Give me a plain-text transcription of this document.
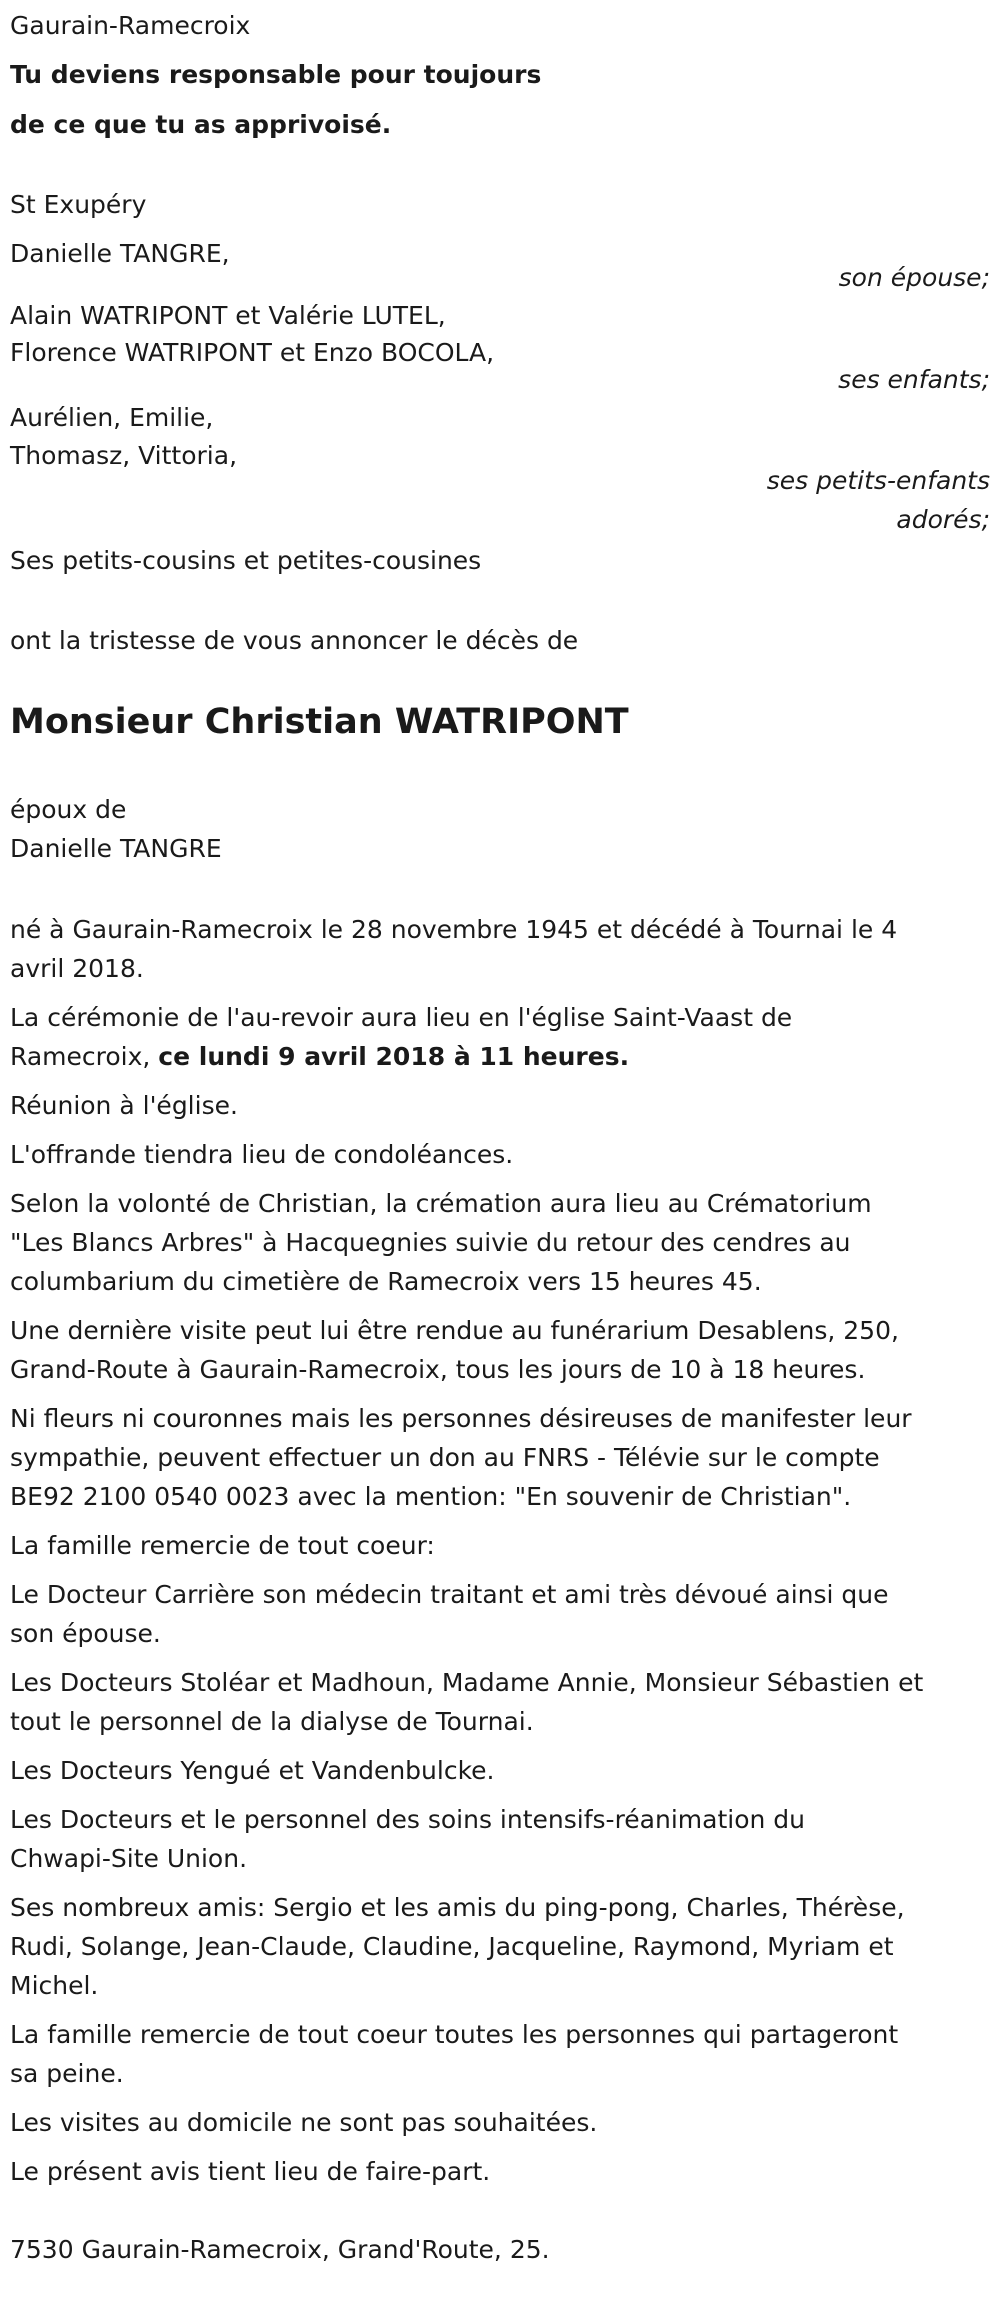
Gaurain-Ramecroix

Tu deviens responsable pour toujours

de ce que tu as apprivoisé.

St Exupéry

Danielle TANGRE,

son épouse;

Alain WATRIPONT et Valérie LUTEL,

Florence WATRIPONT et Enzo BOCOLA,

ses enfants;

Aurélien, Emilie,

Thomasz, Vittoria,

ses petits-enfants

adorés;

Ses petits-cousins et petites-cousines

ont la tristesse de vous annoncer le décès de

Monsieur Christian WATRIPONT

époux de

Danielle TANGRE

né à Gaurain-Ramecroix le 28 novembre 1945 et décédé à Tournai le 4

avril 2018.

La cérémonie de l'au-revoir aura lieu en l'église Saint-Vaast de

Ramecroix, ce lundi 9 avril 2018 à 11 heures.

Réunion à l'église.

L'offrande tiendra lieu de condoléances.

Selon la volonté de Christian, la crémation aura lieu au Crématorium

"Les Blancs Arbres" à Hacquegnies suivie du retour des cendres au

columbarium du cimetière de Ramecroix vers 15 heures 45.

Une dernière visite peut lui être rendue au funérarium Desablens, 250,

Grand-Route à Gaurain-Ramecroix, tous les jours de 10 à 18 heures.

Ni fleurs ni couronnes mais les personnes désireuses de manifester leur

sympathie, peuvent effectuer un don au FNRS - Télévie sur le compte

BE92 2100 0540 0023 avec la mention: "En souvenir de Christian".

La famille remercie de tout coeur:

Le Docteur Carrière son médecin traitant et ami très dévoué ainsi que

son épouse.

Les Docteurs Stoléar et Madhoun, Madame Annie, Monsieur Sébastien et

tout le personnel de la dialyse de Tournai.

Les Docteurs Yengué et Vandenbulcke.

Les Docteurs et le personnel des soins intensifs-réanimation du

Chwapi-Site Union.

Ses nombreux amis: Sergio et les amis du ping-pong, Charles, Thérèse,

Rudi, Solange, Jean-Claude, Claudine, Jacqueline, Raymond, Myriam et

Michel.

La famille remercie de tout coeur toutes les personnes qui partageront

sa peine.

Les visites au domicile ne sont pas souhaitées.

Le présent avis tient lieu de faire-part.

7530 Gaurain-Ramecroix, Grand'Route, 25.
